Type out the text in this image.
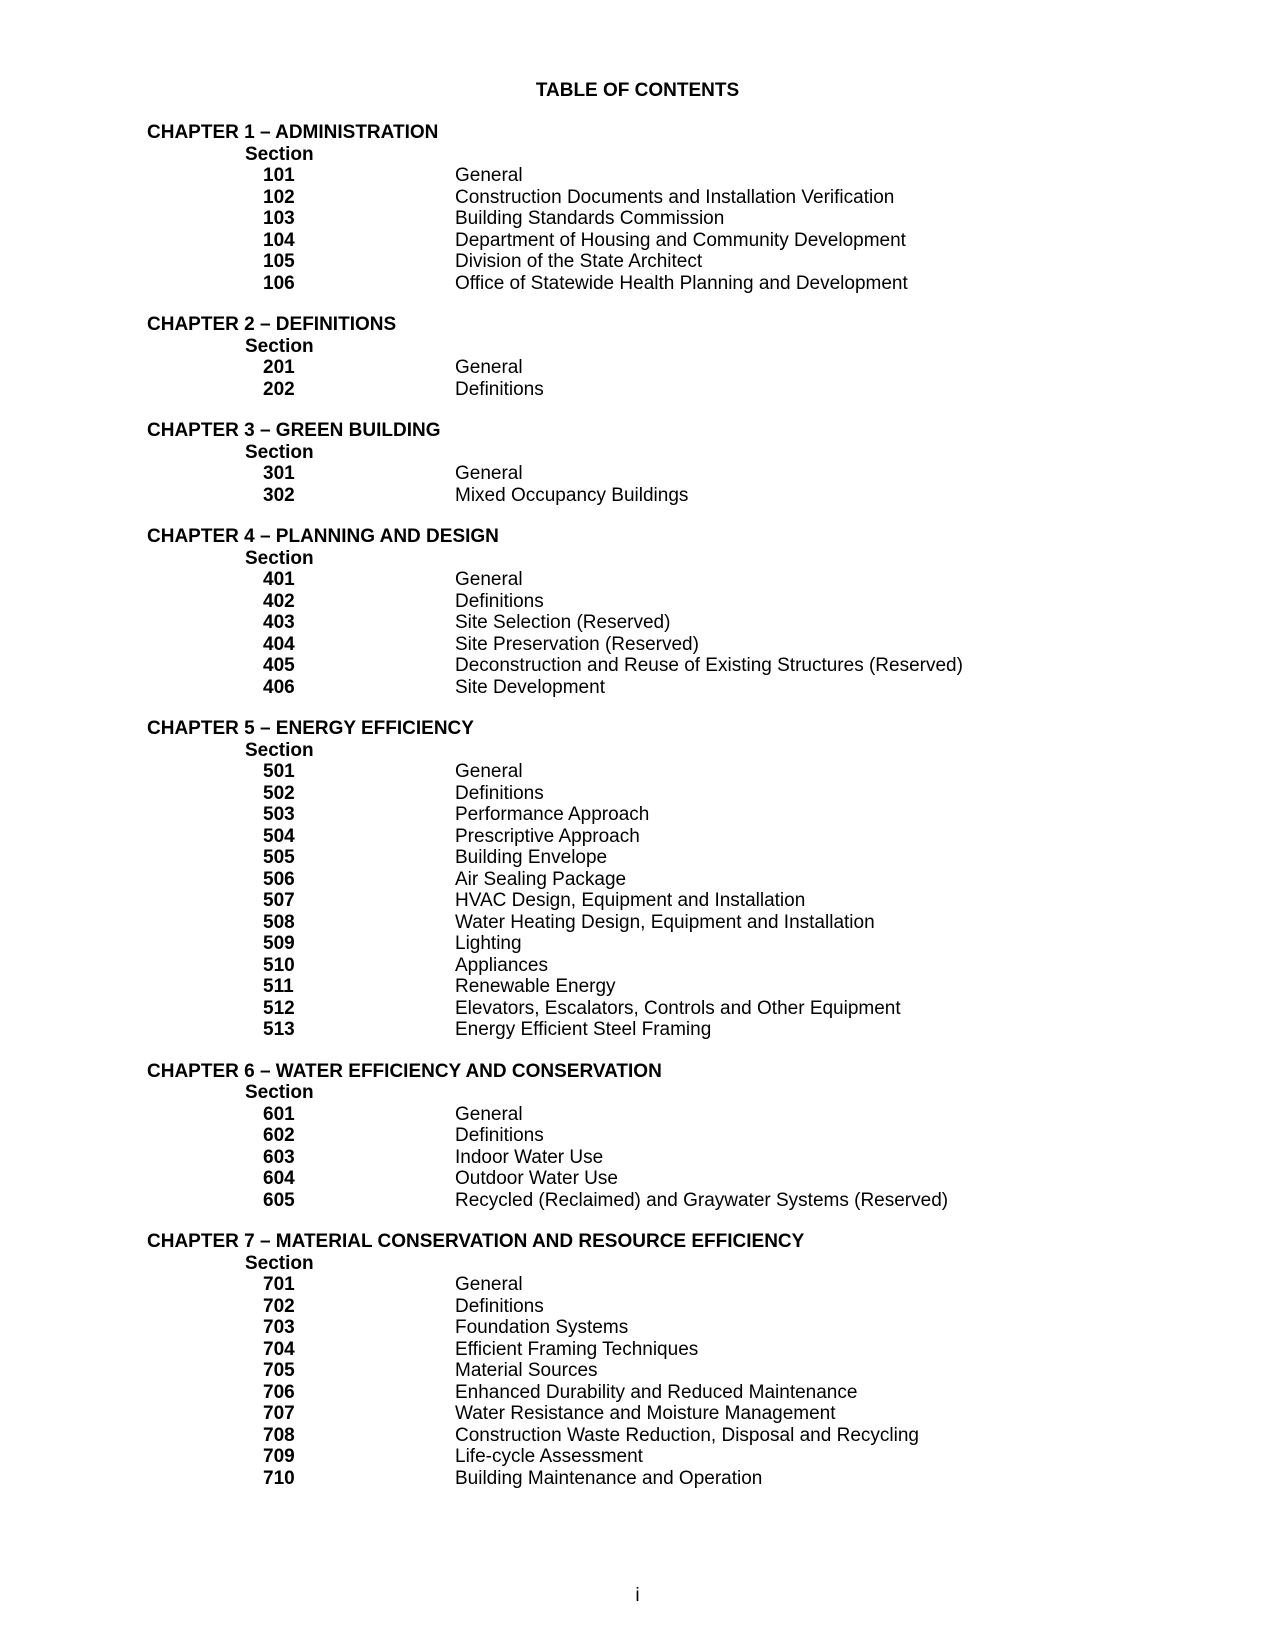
TABLE OF CONTENTS
CHAPTER 1 – ADMINISTRATION
Section
101	General
102	Construction Documents and Installation Verification
103	Building Standards Commission
104	Department of Housing and Community Development
105	Division of the State Architect
106	Office of Statewide Health Planning and Development
CHAPTER 2 – DEFINITIONS
Section
201	General
202	Definitions
CHAPTER 3 – GREEN BUILDING
Section
301	General
302	Mixed Occupancy Buildings
CHAPTER 4 – PLANNING AND DESIGN
Section
401	General
402	Definitions
403	Site Selection (Reserved)
404	Site Preservation (Reserved)
405	Deconstruction and Reuse of Existing Structures (Reserved)
406	Site Development
CHAPTER 5 – ENERGY EFFICIENCY
Section
501	General
502	Definitions
503	Performance Approach
504	Prescriptive Approach
505	Building Envelope
506	Air Sealing Package
507	HVAC Design, Equipment and Installation
508	Water Heating Design, Equipment and Installation
509	Lighting
510	Appliances
511	Renewable Energy
512	Elevators, Escalators, Controls and Other Equipment
513	Energy Efficient Steel Framing
CHAPTER 6 – WATER EFFICIENCY AND CONSERVATION
Section
601	General
602	Definitions
603	Indoor Water Use
604	Outdoor Water Use
605	Recycled (Reclaimed) and Graywater Systems (Reserved)
CHAPTER 7 – MATERIAL CONSERVATION AND RESOURCE EFFICIENCY
Section
701	General
702	Definitions
703	Foundation Systems
704	Efficient Framing Techniques
705	Material Sources
706	Enhanced Durability and Reduced Maintenance
707	Water Resistance and Moisture Management
708	Construction Waste Reduction, Disposal and Recycling
709	Life-cycle Assessment
710	Building Maintenance and Operation
i
